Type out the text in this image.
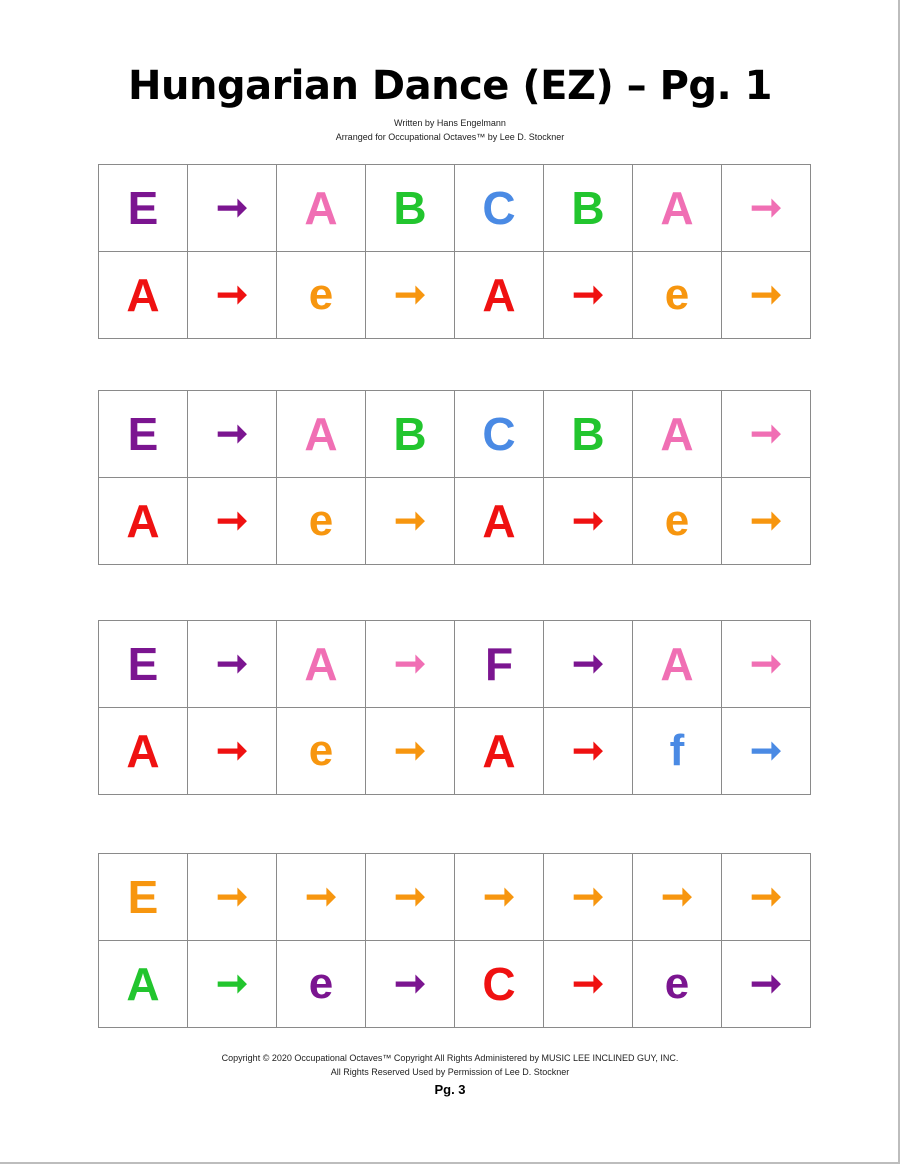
Hungarian Dance (EZ) – Pg. 1
Written by Hans Engelmann
Arranged for Occupational Octaves™ by Lee D. Stockner
E	➞	A	B	C	B	A	➞
A	➞	e	➞	A	➞	e	➞
E	➞	A	B	C	B	A	➞
A	➞	e	➞	A	➞	e	➞
E	➞	A	➞	F	➞	A	➞
A	➞	e	➞	A	➞	f	➞
E	➞	➞	➞	➞	➞	➞	➞
A	➞	e	➞	C	➞	e	➞
Copyright © 2020 Occupational Octaves™ Copyright All Rights Administered by MUSIC LEE INCLINED GUY, INC.
All Rights Reserved Used by Permission of Lee D. Stockner
Pg. 3
